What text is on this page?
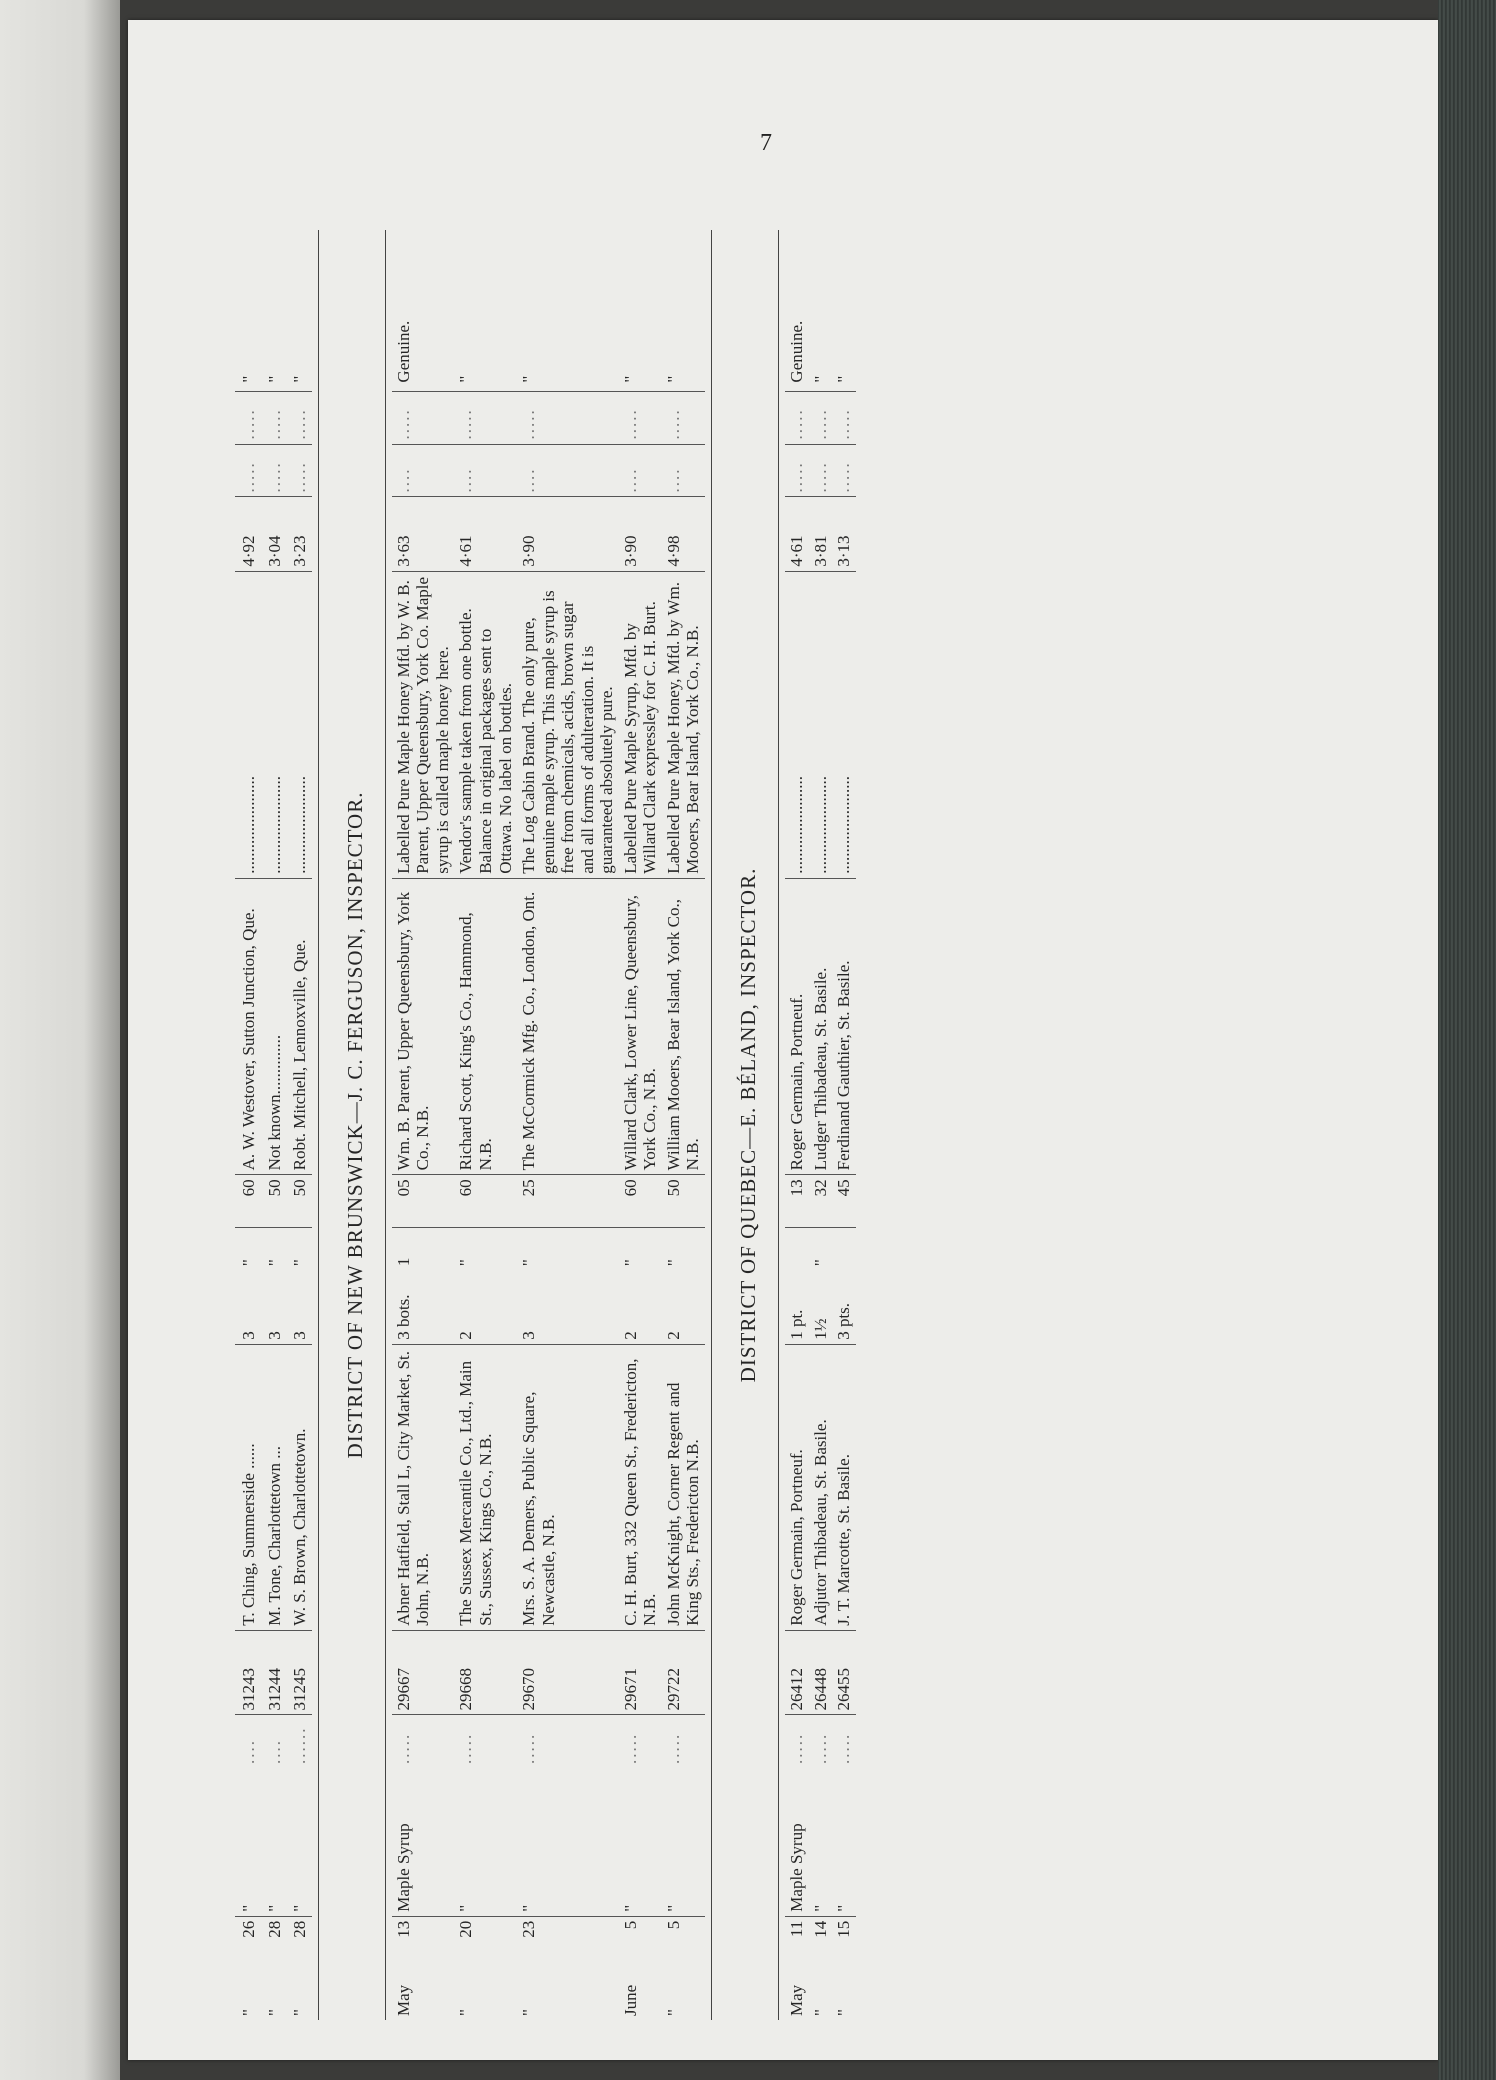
7
"	26	"	....	31243	T. Ching, Summerside ......	3	"	60	A. W. Westover, Sutton Junction, Que.	.......................	4·92	.....	.....	"
"	28	"	....	31244	M. Tone, Charlottetown ...	3	"	50	Not known..............	.......................	3·04	.....	.....	"
"	28	"	......	31245	W. S. Brown, Charlottetown.	3	"	50	Robt. Mitchell, Lennoxville, Que.	.......................	3·23	.....	.....	"
DISTRICT OF NEW BRUNSWICK—J. C. FERGUSON, INSPECTOR.
May	13	Maple Syrup	.....	29667	Abner Hatfield, Stall L, City Market, St. John, N.B.	3 bots.	1	05	Wm. B. Parent, Upper Queensbury, York Co., N.B.	Labelled Pure Maple Honey Mfd. by W. B. Parent, Upper Queensbury, York Co. Maple syrup is called maple honey here.	3·63	....	.....	Genuine.
"	20	"	.....	29668	The Sussex Mercantile Co., Ltd., Main St., Sussex, Kings Co., N.B.	2	"	60	Richard Scott, King's Co., Hammond, N.B.	Vendor's sample taken from one bottle. Balance in original packages sent to Ottawa. No label on bottles.	4·61	....	.....	"
"	23	"	.....	29670	Mrs. S. A. Demers, Public Square, Newcastle, N.B.	3	"	25	The McCormick Mfg. Co., London, Ont.	The Log Cabin Brand. The only pure, genuine maple syrup. This maple syrup is free from chemicals, acids, brown sugar and all forms of adulteration. It is guaranteed absolutely pure.	3·90	....	.....	"
June	5	"	.....	29671	C. H. Burt, 332 Queen St., Fredericton, N.B.	2	"	60	Willard Clark, Lower Line, Queensbury, York Co., N.B.	Labelled Pure Maple Syrup, Mfd. by Willard Clark expressley for C. H. Burt.	3·90	....	.....	"
"	5	"	.....	29722	John McKnight, Corner Regent and King Sts., Fredericton N.B.	2	"	50	William Mooers, Bear Island, York Co., N.B.	Labelled Pure Maple Honey, Mfd. by Wm. Mooers, Bear Island, York Co., N.B.	4·98	....	.....	"
DISTRICT OF QUEBEC—E. BÉLAND, INSPECTOR.
May	11	Maple Syrup	.....	26412	Roger Germain, Portneuf.	1 pt.		13	Roger Germain, Portneuf.	.......................	4·61	.....	.....	Genuine.
"	14	"	.....	26448	Adjutor Thibadeau, St. Basile.	1½	"	32	Ludger Thibadeau, St. Basile.	.......................	3·81	.....	.....	"
"	15	"	.....	26455	J. T. Marcotte, St. Basile.	3 pts.		45	Ferdinand Gauthier, St. Basile.	.......................	3·13	.....	.....	"
